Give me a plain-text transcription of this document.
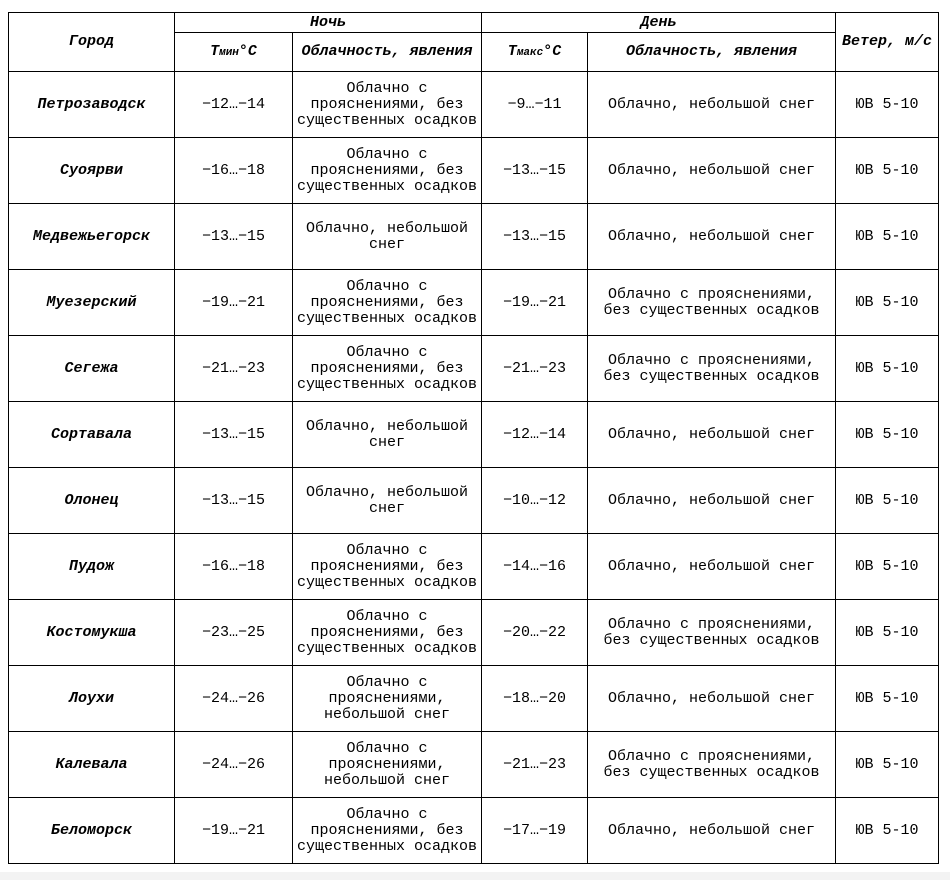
Город	Ночь		День		Ветер, м/с
	Тмин°С	Облачность, явления	Тмакс°С	Облачность, явления	
Петрозаводск	−12…−14	Облачно с прояснениями, без существенных осадков	−9…−11	Облачно, небольшой снег	ЮВ 5-10
Суоярви	−16…−18	Облачно с прояснениями, без существенных осадков	−13…−15	Облачно, небольшой снег	ЮВ 5-10
Медвежьегорск	−13…−15	Облачно, небольшой снег	−13…−15	Облачно, небольшой снег	ЮВ 5-10
Муезерский	−19…−21	Облачно с прояснениями, без существенных осадков	−19…−21	Облачно с прояснениями, без существенных осадков	ЮВ 5-10
Сегежа	−21…−23	Облачно с прояснениями, без существенных осадков	−21…−23	Облачно с прояснениями, без существенных осадков	ЮВ 5-10
Сортавала	−13…−15	Облачно, небольшой снег	−12…−14	Облачно, небольшой снег	ЮВ 5-10
Олонец	−13…−15	Облачно, небольшой снег	−10…−12	Облачно, небольшой снег	ЮВ 5-10
Пудож	−16…−18	Облачно с прояснениями, без существенных осадков	−14…−16	Облачно, небольшой снег	ЮВ 5-10
Костомукша	−23…−25	Облачно с прояснениями, без существенных осадков	−20…−22	Облачно с прояснениями, без существенных осадков	ЮВ 5-10
Лоухи	−24…−26	Облачно с прояснениями, небольшой снег	−18…−20	Облачно, небольшой снег	ЮВ 5-10
Калевала	−24…−26	Облачно с прояснениями, небольшой снег	−21…−23	Облачно с прояснениями, без существенных осадков	ЮВ 5-10
Беломорск	−19…−21	Облачно с прояснениями, без существенных осадков	−17…−19	Облачно, небольшой снег	ЮВ 5-10
